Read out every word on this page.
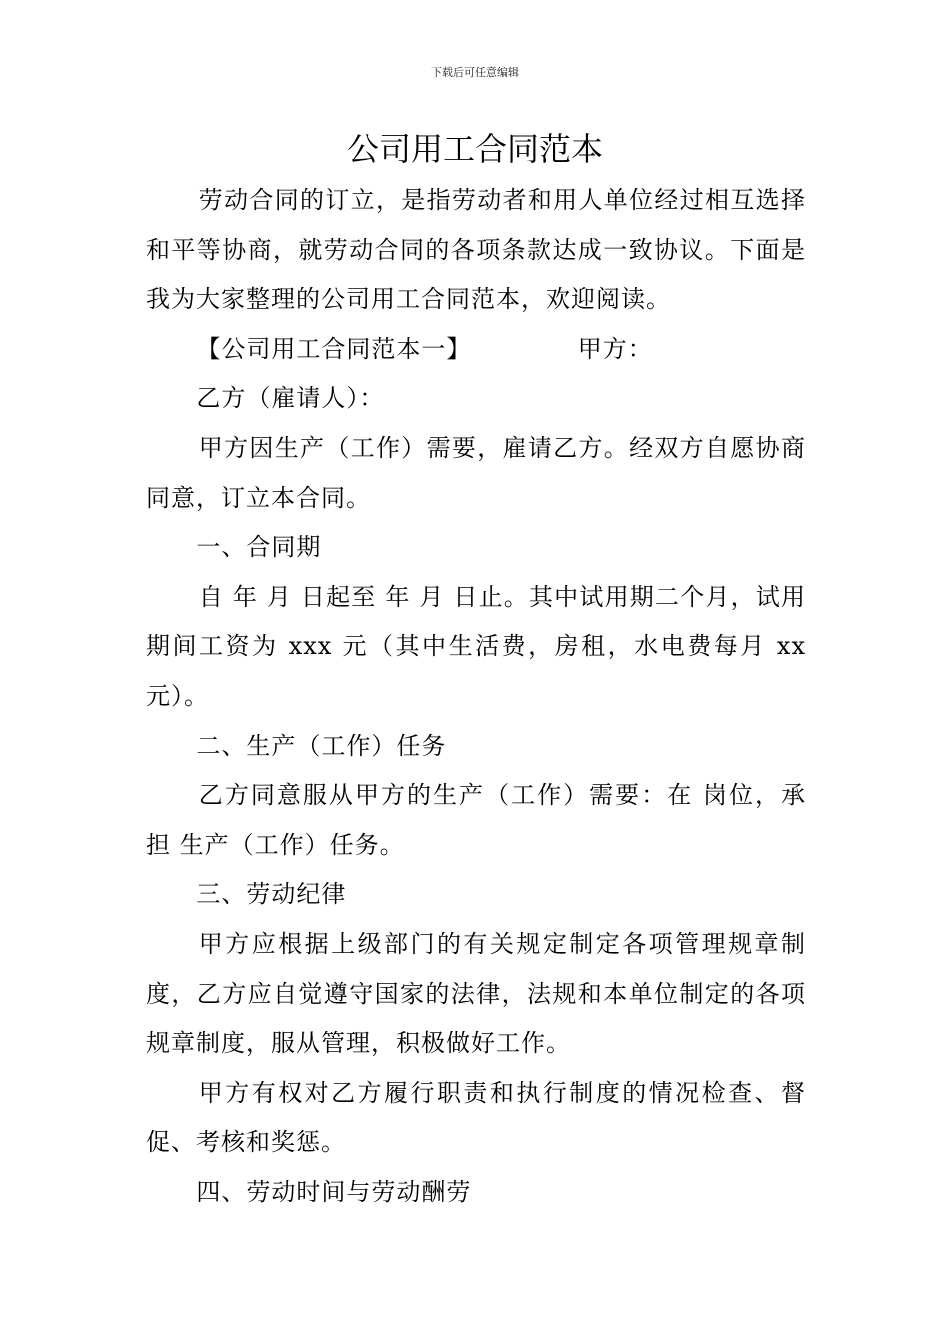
下载后可任意编辑
公司用工合同范本

劳动合同的订立，是指劳动者和用人单位经过相互选择和平等协商，就劳动合同的各项条款达成一致协议。下面是我为大家整理的公司用工合同范本，欢迎阅读。

【公司用工合同范本一】	甲方：

乙方（雇请人）：

甲方因生产（工作）需要，雇请乙方。经双方自愿协商同意，订立本合同。

一、合同期

自 年 月 日起至 年 月 日止。其中试用期二个月，试用期间工资为 xxx 元（其中生活费，房租，水电费每月 xx 元）。

二、生产（工作）任务

乙方同意服从甲方的生产（工作）需要：在 岗位，承担 生产（工作）任务。

三、劳动纪律

甲方应根据上级部门的有关规定制定各项管理规章制度，乙方应自觉遵守国家的法律，法规和本单位制定的各项规章制度，服从管理，积极做好工作。

甲方有权对乙方履行职责和执行制度的情况检查、督促、考核和奖惩。

四、劳动时间与劳动酬劳
